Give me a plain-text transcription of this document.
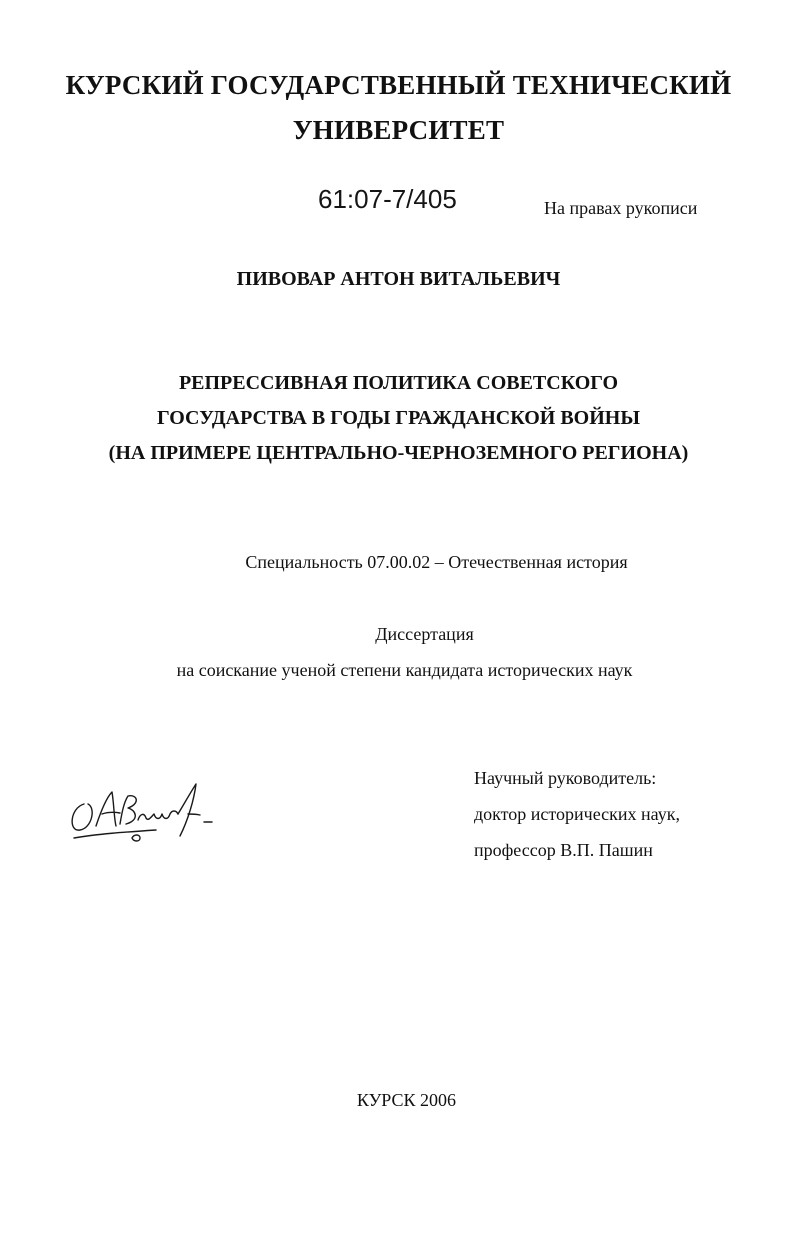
КУРСКИЙ ГОСУДАРСТВЕННЫЙ ТЕХНИЧЕСКИЙ
УНИВЕРСИТЕТ
61:07-7/405	На правах рукописи
ПИВОВАР АНТОН ВИТАЛЬЕВИЧ
РЕПРЕССИВНАЯ ПОЛИТИКА СОВЕТСКОГО
ГОСУДАРСТВА В ГОДЫ ГРАЖДАНСКОЙ ВОЙНЫ
(НА ПРИМЕРЕ ЦЕНТРАЛЬНО-ЧЕРНОЗЕМНОГО РЕГИОНА)
Специальность 07.00.02 – Отечественная история
Диссертация
на соискание ученой степени кандидата исторических наук
Научный руководитель:
доктор исторических наук,
профессор В.П. Пашин
КУРСК 2006
